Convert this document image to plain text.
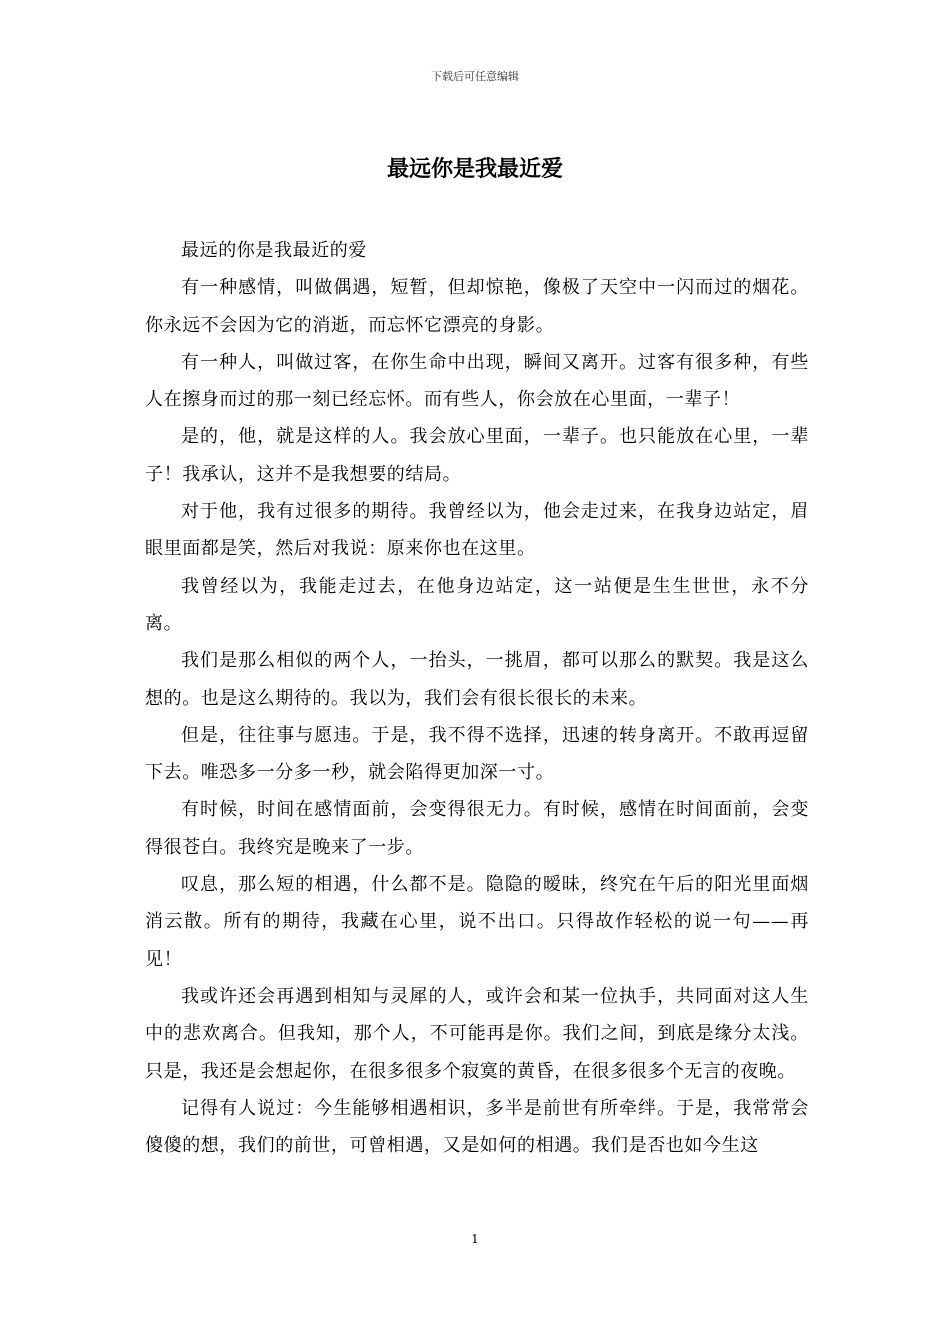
下载后可任意编辑
最远你是我最近爱

最远的你是我最近的爱

有一种感情，叫做偶遇，短暂，但却惊艳，像极了天空中一闪而过的烟花。你永远不会因为它的消逝，而忘怀它漂亮的身影。

有一种人，叫做过客，在你生命中出现，瞬间又离开。过客有很多种，有些人在擦身而过的那一刻已经忘怀。而有些人，你会放在心里面，一辈子！

是的，他，就是这样的人。我会放心里面，一辈子。也只能放在心里，一辈子！我承认，这并不是我想要的结局。

对于他，我有过很多的期待。我曾经以为，他会走过来，在我身边站定，眉眼里面都是笑，然后对我说：原来你也在这里。

我曾经以为，我能走过去，在他身边站定，这一站便是生生世世，永不分离。

我们是那么相似的两个人，一抬头，一挑眉，都可以那么的默契。我是这么想的。也是这么期待的。我以为，我们会有很长很长的未来。

但是，往往事与愿违。于是，我不得不选择，迅速的转身离开。不敢再逗留下去。唯恐多一分多一秒，就会陷得更加深一寸。

有时候，时间在感情面前，会变得很无力。有时候，感情在时间面前，会变得很苍白。我终究是晚来了一步。

叹息，那么短的相遇，什么都不是。隐隐的暧昧，终究在午后的阳光里面烟消云散。所有的期待，我藏在心里，说不出口。只得故作轻松的说一句——再见！

我或许还会再遇到相知与灵犀的人，或许会和某一位执手，共同面对这人生中的悲欢离合。但我知，那个人，不可能再是你。我们之间，到底是缘分太浅。只是，我还是会想起你，在很多很多个寂寞的黄昏，在很多很多个无言的夜晚。

记得有人说过：今生能够相遇相识，多半是前世有所牵绊。于是，我常常会傻傻的想，我们的前世，可曾相遇，又是如何的相遇。我们是否也如今生这

1
